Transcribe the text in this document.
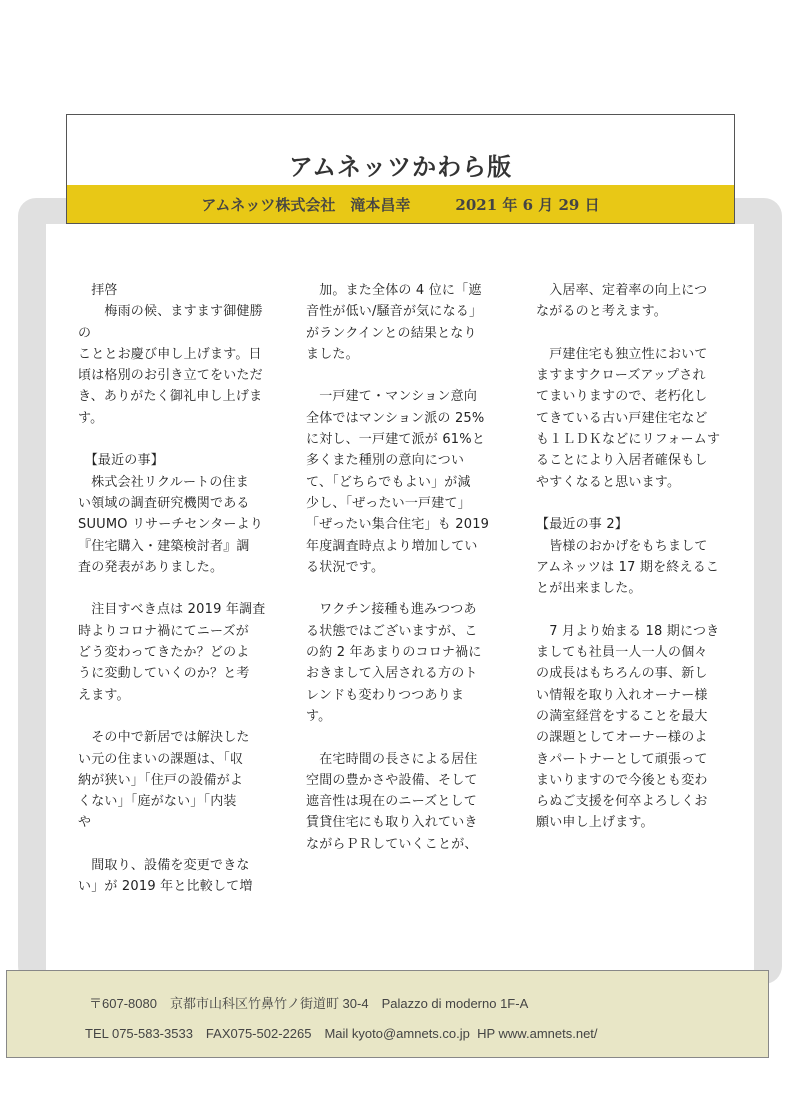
アムネッツかわら版
アムネッツ株式会社
　 滝本昌幸
　　　	2021 年 6 月 29 日

　拝啓
　　梅雨の候、ますます御健勝の
こととお慶び申し上げます。日
頃は格別のお引き立てをいただ
き、ありがたく御礼申し上げま
す。

　【最近の事】
　株式会社リクルートの住ま
い領域の調査研究機関である
SUUMO リサーチセンターより
『住宅購入・建築検討者』調
査の発表がありました。

　注目すべき点は 2019 年調査
時よりコロナ禍にてニーズが
どう変わってきたか？どのよ
うに変動していくのか？と考
えます。

　その中で新居では解決した
い元の住まいの課題は、「収
納が狭い」「住戸の設備がよ
くない」「庭がない」「内装
や

　間取り、設備を変更できな
い」が 2019 年と比較して増

　加。また全体の 4 位に「遮
音性が低い/騒音が気になる」
がランクインとの結果となり
ました。

　一戸建て・マンション意向
全体ではマンション派の 25%
に対し、一戸建て派が 61%と
多くまた種別の意向につい
て、「どちらでもよい」が減
少し、「ぜったい一戸建て」
「ぜったい集合住宅」も 2019
年度調査時点より増加してい
る状況です。

　ワクチン接種も進みつつあ
る状態ではございますが、こ
の約 2 年あまりのコロナ禍に
おきまして入居される方のト
レンドも変わりつつありま
す。

　在宅時間の長さによる居住
空間の豊かさや設備、そして
遮音性は現在のニーズとして
賃貸住宅にも取り入れていき
ながらＰＲしていくことが、

　入居率、定着率の向上につ
ながるのと考えます。

　戸建住宅も独立性において
ますますクローズアップされ
てまいりますので、老朽化し
てきている古い戸建住宅など
も１ＬＤＫなどにリフォームす
ることにより入居者確保もし
やすくなると思います。

【最近の事 2】
　皆様のおかげをもちまして
アムネッツは 17 期を終えるこ
とが出来ました。

　7 月より始まる 18 期につき
ましても社員一人一人の個々
の成長はもちろんの事、新し
い情報を取り入れオーナー様
の満室経営をすることを最大
の課題としてオーナー様のよ
きパートナーとして頑張って
まいりますので今後とも変わ
らぬご支援を何卒よろしくお
願い申し上げます。

〒607-8080　京都市山科区竹鼻竹ノ街道町 30-4　Palazzo di moderno 1F-A
TEL 075-583-3533　FAX075-502-2265　Mail kyoto@amnets.co.jp  HP www.amnets.net/
